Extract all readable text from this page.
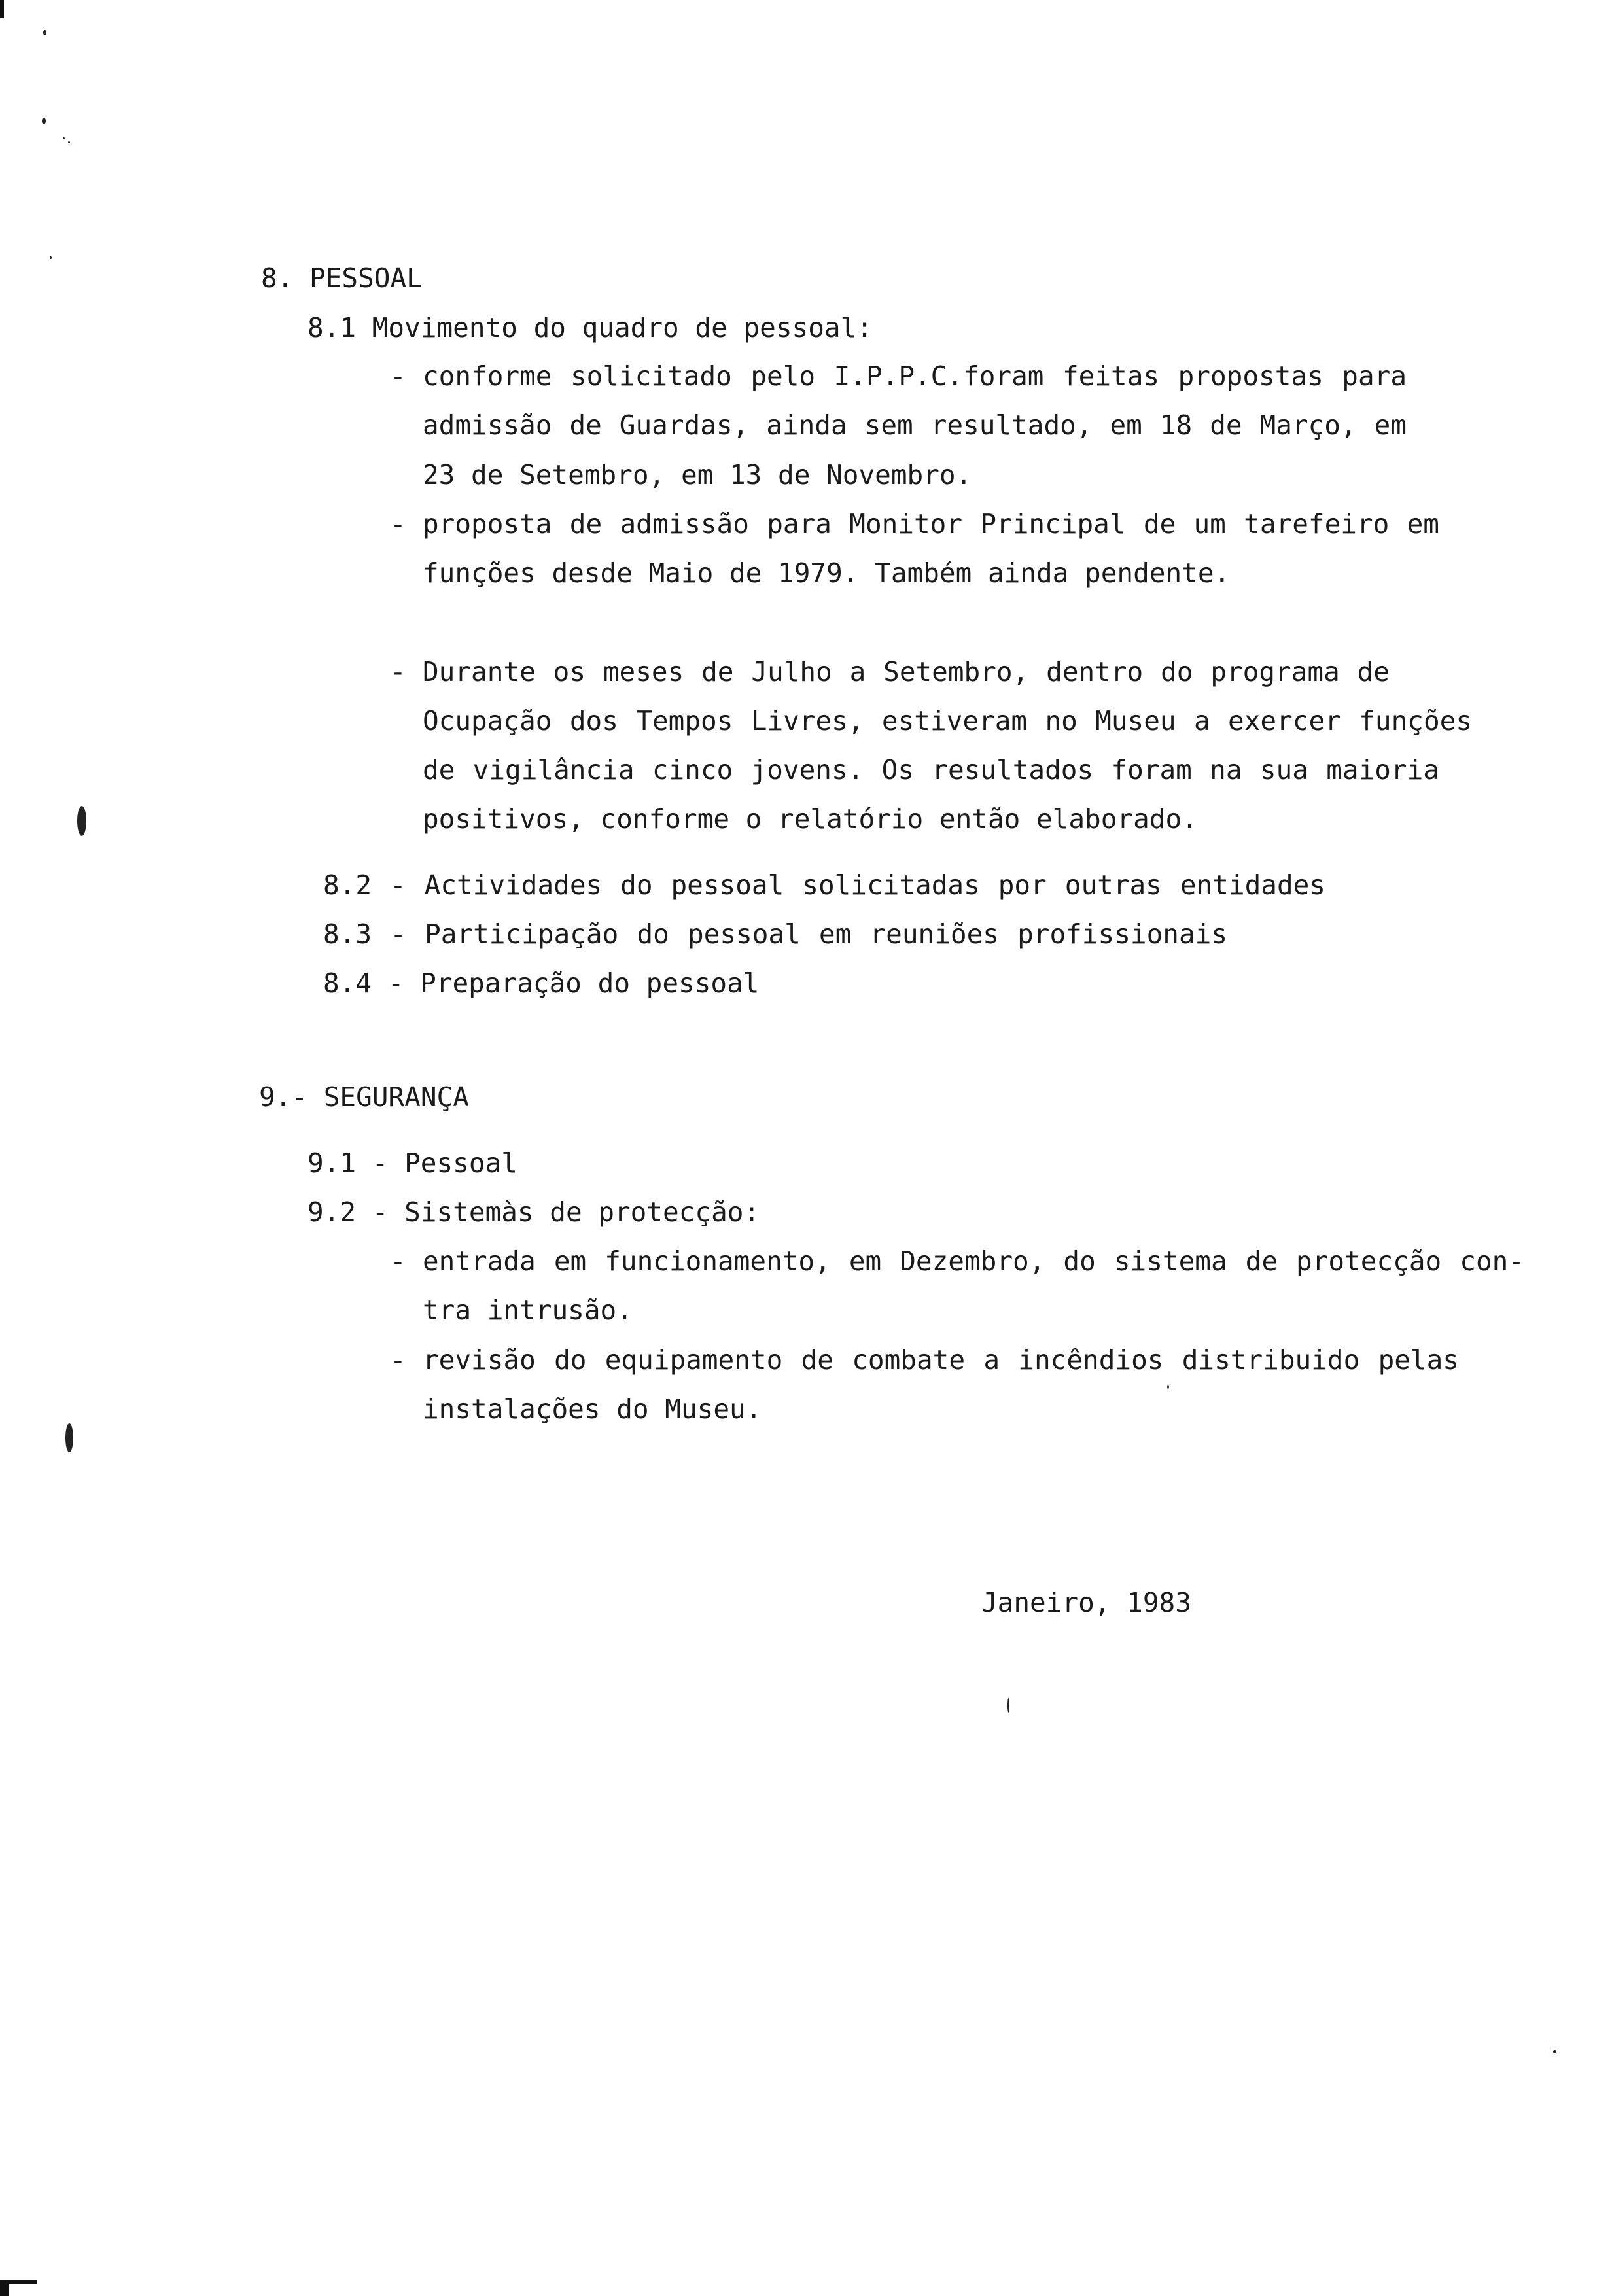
8. PESSOAL

8.1 Movimento do quadro de pessoal:

- conforme solicitado pelo I.P.P.C.foram feitas propostas para

admissão de Guardas, ainda sem resultado, em 18 de Março, em

23 de Setembro, em 13 de Novembro.

- proposta de admissão para Monitor Principal de um tarefeiro em

funções desde Maio de 1979. Também ainda pendente.

- Durante os meses de Julho a Setembro, dentro do programa de

Ocupação dos Tempos Livres, estiveram no Museu a exercer funções

de vigilância cinco jovens. Os resultados foram na sua maioria

positivos, conforme o relatório então elaborado.

8.2 - Actividades do pessoal solicitadas por outras entidades

8.3 - Participação do pessoal em reuniões profissionais

8.4 - Preparação do pessoal

9.- SEGURANÇA

9.1 - Pessoal

9.2 - Sistemàs de protecção:

- entrada em funcionamento, em Dezembro, do sistema de protecção con-

tra intrusão.

- revisão do equipamento de combate a incêndios distribuido pelas

instalações do Museu.

Janeiro, 1983
